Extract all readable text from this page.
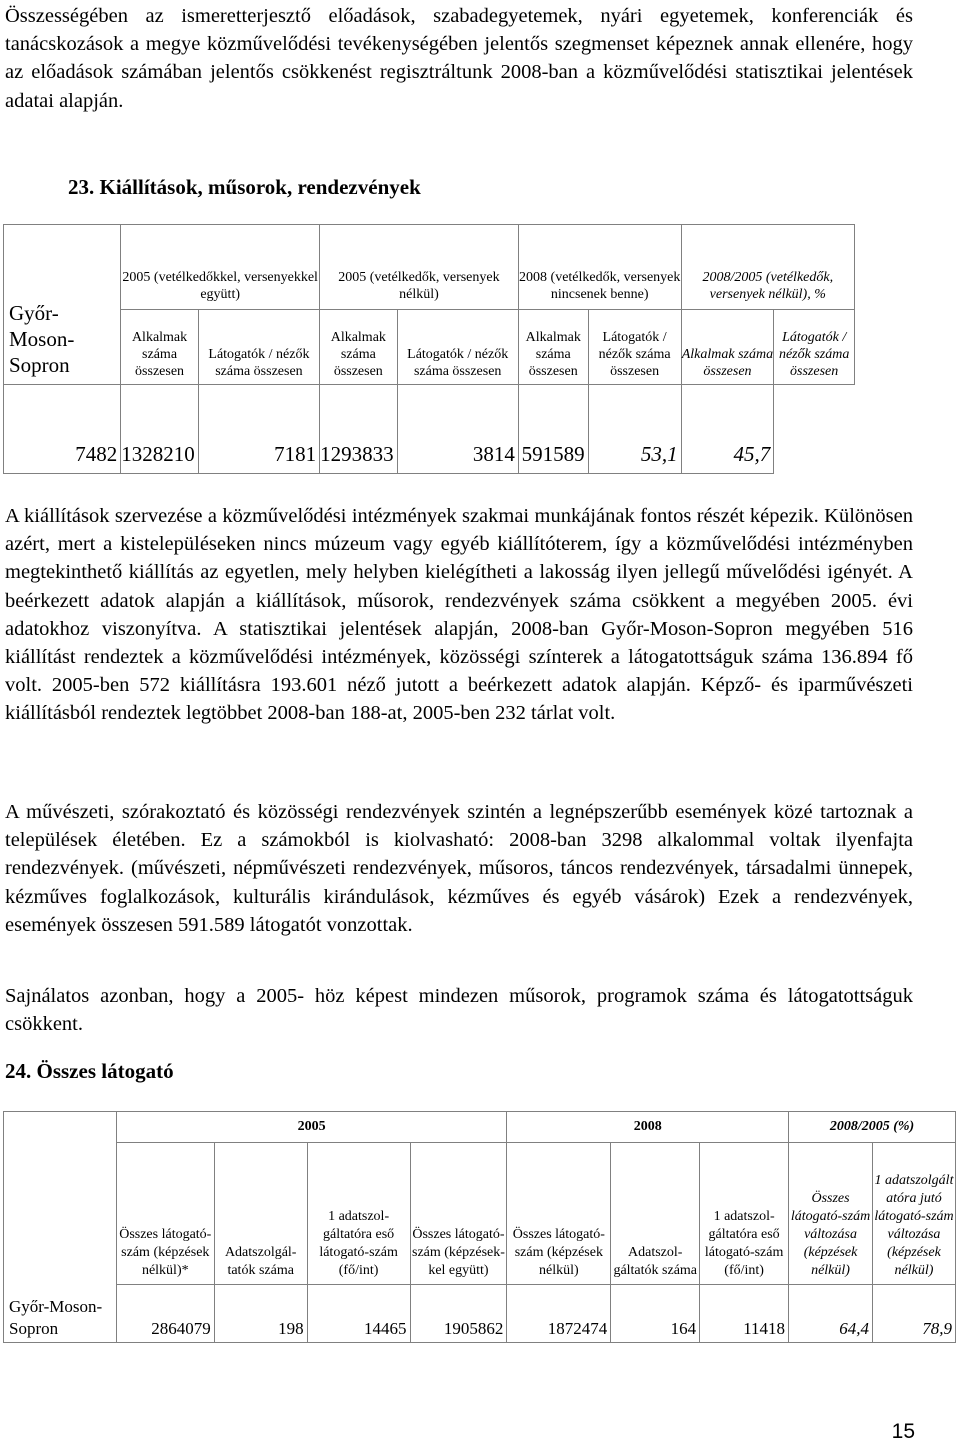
Összességében az ismeretterjesztő előadások, szabadegyetemek, nyári egyetemek, konferenciák és tanácskozások a megye közművelődési tevékenységében jelentős szegmenset képeznek annak ellenére, hogy az előadások számában jelentős csökkenést regisztráltunk 2008-ban a közművelődési statisztikai jelentések adatai alapján.

23. Kiállítások, műsorok, rendezvények
Győr-Moson-Sopron	2005 (vetélkedőkkel, versenyekkel együtt)		2005 (vetélkedők, versenyek nélkül)		2008 (vetélkedők, versenyek nincsenek benne)		2008/2005 (vetélkedők, versenyek nélkül), %	
	Alkalmak száma összesen	Látogatók / nézők száma összesen	Alkalmak száma összesen	Látogatók / nézők száma összesen	Alkalmak száma összesen	Látogatók / nézők száma összesen	Alkalmak száma összesen	Látogatók / nézők száma összesen
7482	1328210	7181	1293833	3814	591589	53,1	45,7	

A kiállítások szervezése a közművelődési intézmények szakmai munkájának fontos részét képezik. Különösen azért, mert a kistelepüléseken nincs múzeum vagy egyéb kiállítóterem, így a közművelődési intézményben megtekinthető kiállítás az egyetlen, mely helyben kielégítheti a lakosság ilyen jellegű művelődési igényét. A beérkezett adatok alapján a kiállítások, műsorok, rendezvények száma csökkent a megyében 2005. évi adatokhoz viszonyítva. A statisztikai jelentések alapján, 2008-ban Győr-Moson-Sopron megyében 516 kiállítást rendeztek a közművelődési intézmények, közösségi színterek a látogatottságuk száma 136.894 fő volt. 2005-ben 572 kiállításra 193.601 néző jutott a beérkezett adatok alapján. Képző- és iparművészeti kiállításból rendeztek legtöbbet 2008-ban 188-at, 2005-ben 232 tárlat volt.

A művészeti, szórakoztató és közösségi rendezvények szintén a legnépszerűbb események közé tartoznak a települések életében. Ez a számokból is kiolvasható: 2008-ban 3298 alkalommal voltak ilyenfajta rendezvények. (művészeti, népművészeti rendezvények, műsoros, táncos rendezvények, társadalmi ünnepek, kézműves foglalkozások, kulturális kirándulások, kézműves és egyéb vásárok) Ezek a rendezvények, események összesen 591.589 látogatót vonzottak.

Sajnálatos azonban, hogy a 2005- höz képest mindezen műsorok, programok száma és látogatottságuk csökkent.

24. Összes látogató
Győr-Moson-Sopron	2005				2008			2008/2005 (%)	
	Összes látogató-szám (képzések nélkül)*	Adatszolgál-tatók száma	1 adatszol-gáltatóra eső látogató-szám (fő/int)	Összes látogató-szám (képzések-kel együtt)	Összes látogató-szám (képzések nélkül)	Adatszol-gáltatók száma	1 adatszol-gáltatóra eső látogató-szám (fő/int)	Összes látogató-szám változása (képzések nélkül)	1 adatszolgált atóra jutó látogató-szám változása (képzések nélkül)
	2864079	198	14465	1905862	1872474	164	11418	64,4	78,9
15
